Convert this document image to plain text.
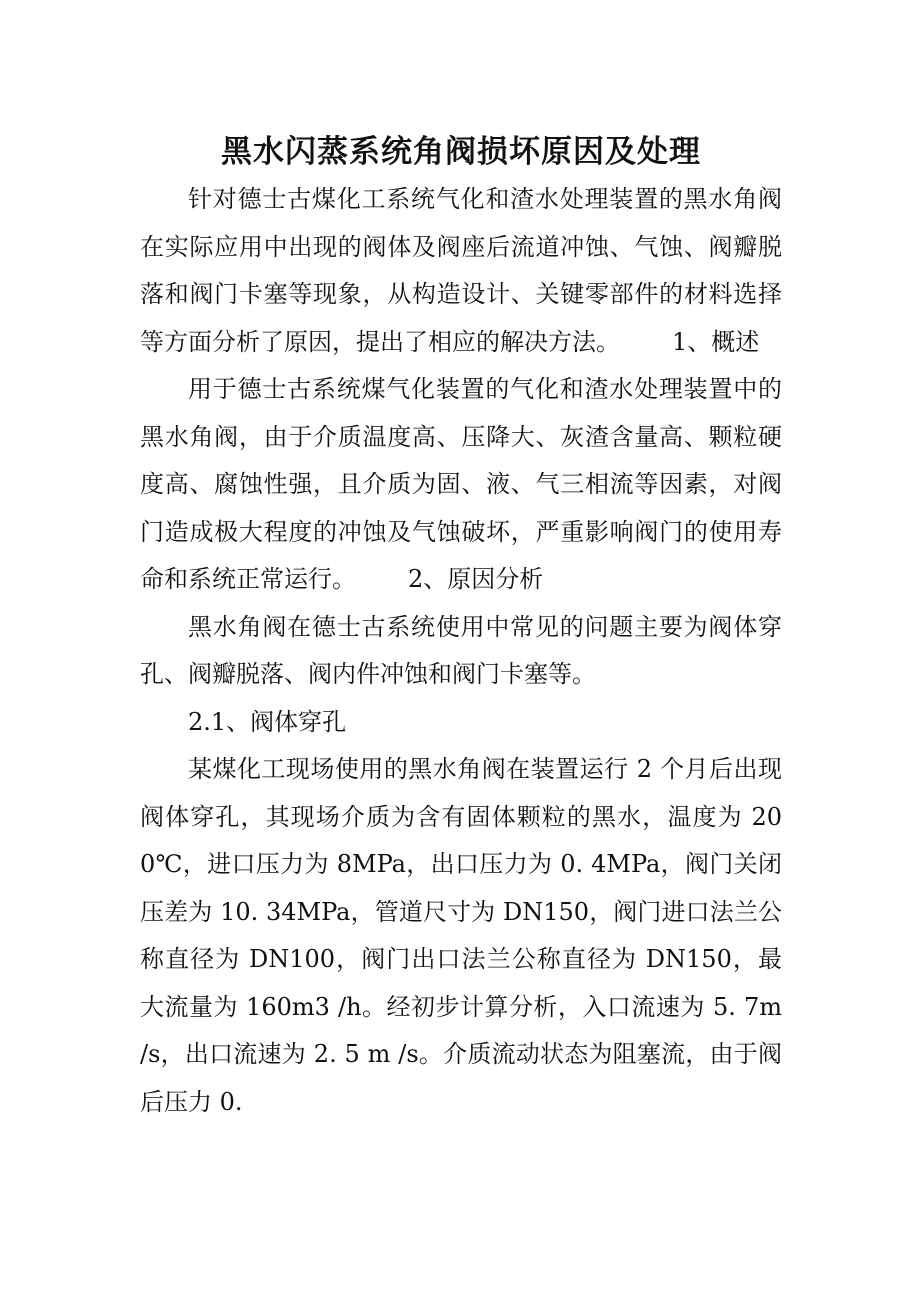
黑水闪蒸系统角阀损坏原因及处理

针对德士古煤化工系统气化和渣水处理装置的黑水角阀在实际应用中出现的阀体及阀座后流道冲蚀、气蚀、阀瓣脱落和阀门卡塞等现象，从构造设计、关键零部件的材料选择等方面分析了原因，提出了相应的解决方法。 1、概述

用于德士古系统煤气化装置的气化和渣水处理装置中的黑水角阀，由于介质温度高、压降大、灰渣含量高、颗粒硬度高、腐蚀性强，且介质为固、液、气三相流等因素，对阀门造成极大程度的冲蚀及气蚀破坏，严重影响阀门的使用寿命和系统正常运行。 2、原因分析

黑水角阀在德士古系统使用中常见的问题主要为阀体穿孔、阀瓣脱落、阀内件冲蚀和阀门卡塞等。

2.1、阀体穿孔

某煤化工现场使用的黑水角阀在装置运行 2 个月后出现阀体穿孔，其现场介质为含有固体颗粒的黑水，温度为 200℃，进口压力为 8MPa，出口压力为 0. 4MPa，阀门关闭压差为 10. 34MPa，管道尺寸为 DN150，阀门进口法兰公称直径为 DN100，阀门出口法兰公称直径为 DN150，最大流量为 160m3 /h。经初步计算分析，入口流速为 5. 7m /s，出口流速为 2. 5 m /s。介质流动状态为阻塞流，由于阀后压力 0.
